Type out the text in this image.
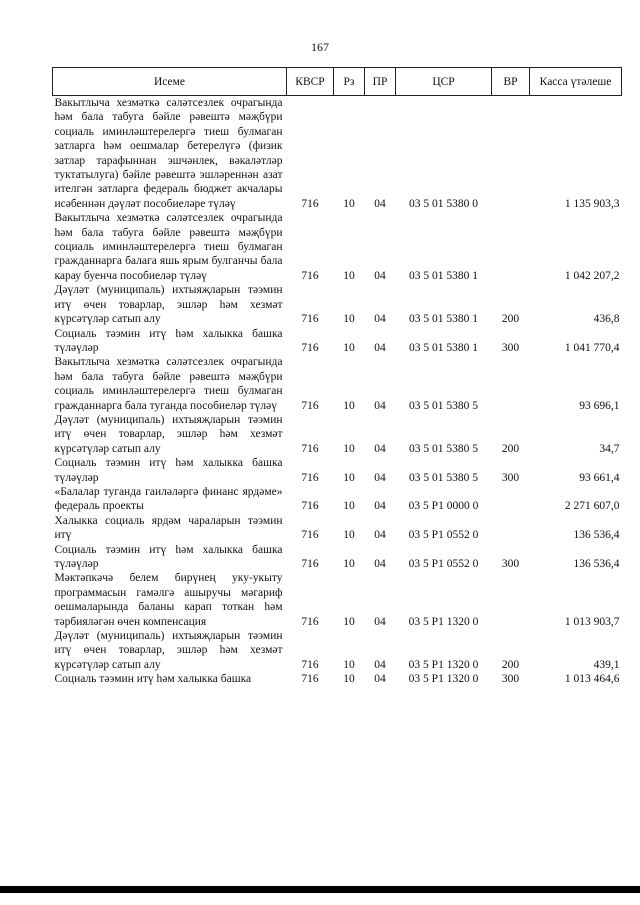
167
Исеме	КВСР	Рз	ПР	ЦСР	ВР	Касса үтәлеше
Вакытлыча хезмәткә сәләтсезлек очрагында һәм бала табуга бәйле рәвештә мәҗбүри социаль иминләштерелергә тиеш булмаган затларга һәм оешмалар бетерелүгә (физик затлар тарафыннан эшчәнлек, вәкаләтләр туктатылуга) бәйле рәвештә эшләреннән азат ителгән затларга федераль бюджет акчалары исәбеннән дәүләт пособиеләре түләү	716	10	04	03 5 01 5380 0		1 135 903,3
Вакытлыча хезмәткә сәләтсезлек очрагында һәм бала табуга бәйле рәвештә мәҗбүри социаль иминләштерелергә тиеш булмаган гражданнарга балага яшь ярым булганчы бала карау буенча пособиеләр түләү	716	10	04	03 5 01 5380 1		1 042 207,2
Дәүләт (муниципаль) ихтыяҗларын тәэмин итү өчен товарлар, эшләр һәм хезмәт күрсәтүләр сатып алу	716	10	04	03 5 01 5380 1	200	436,8
Социаль тәэмин итү һәм халыкка башка түләүләр	716	10	04	03 5 01 5380 1	300	1 041 770,4
Вакытлыча хезмәткә сәләтсезлек очрагында һәм бала табуга бәйле рәвештә мәҗбүри социаль иминләштерелергә тиеш булмаган гражданнарга бала туганда пособиеләр түләү	716	10	04	03 5 01 5380 5		93 696,1
Дәүләт (муниципаль) ихтыяҗларын тәэмин итү өчен товарлар, эшләр һәм хезмәт күрсәтүләр сатып алу	716	10	04	03 5 01 5380 5	200	34,7
Социаль тәэмин итү һәм халыкка башка түләүләр	716	10	04	03 5 01 5380 5	300	93 661,4
«Балалар туганда гаиләләргә финанс ярдәме» федераль проекты	716	10	04	03 5 P1 0000 0		2 271 607,0
Халыкка социаль ярдәм чараларын тәэмин итү	716	10	04	03 5 P1 0552 0		136 536,4
Социаль тәэмин итү һәм халыкка башка түләүләр	716	10	04	03 5 P1 0552 0	300	136 536,4
Мәктәпкәчә белем бирүнең уку-укыту программасын гамәлгә ашыручы мәгариф оешмаларында баланы карап тоткан һәм тәрбияләгән өчен компенсация	716	10	04	03 5 P1 1320 0		1 013 903,7
Дәүләт (муниципаль) ихтыяҗларын тәэмин итү өчен товарлар, эшләр һәм хезмәт күрсәтүләр сатып алу	716	10	04	03 5 P1 1320 0	200	439,1
Социаль тәэмин итү һәм халыкка башка	716	10	04	03 5 P1 1320 0	300	1 013 464,6
